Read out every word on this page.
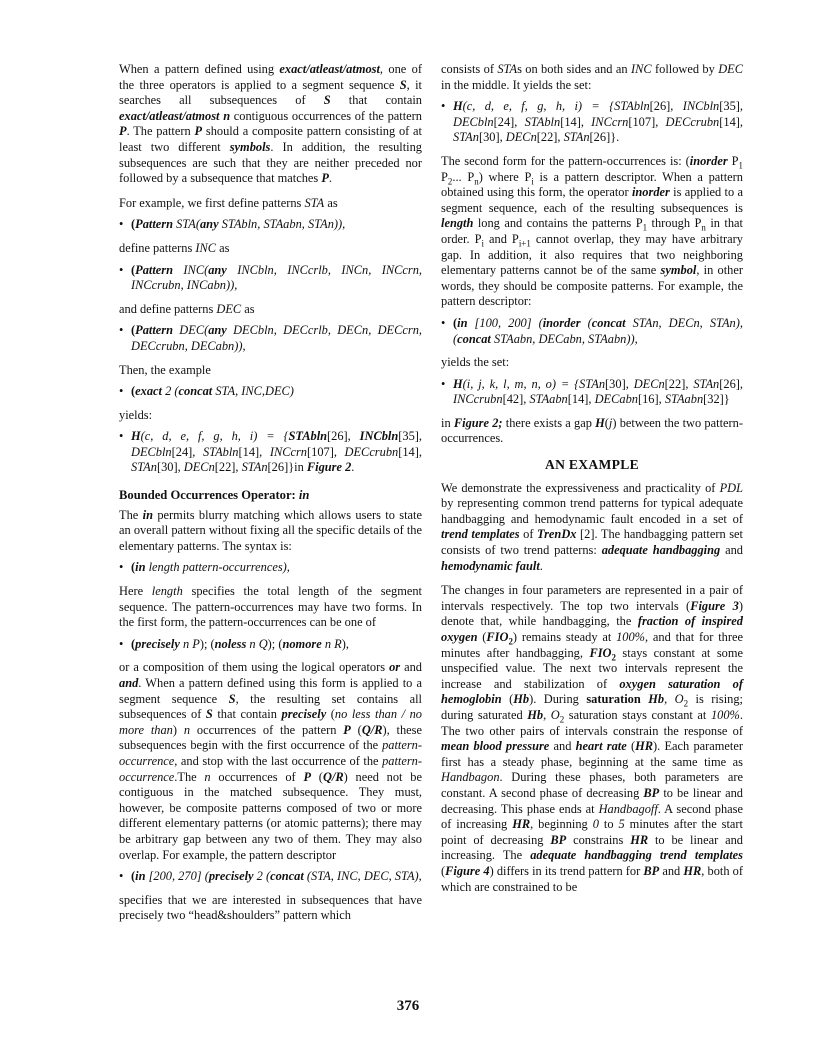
When a pattern defined using exact/atleast/atmost, one of the three operators is applied to a segment sequence S, it searches all subsequences of S that contain exact/atleast/atmost n contiguous occurrences of the pattern P. The pattern P should a composite pattern consisting of at least two different symbols. In addition, the resulting subsequences are such that they are neither preceded nor followed by a subsequence that matches P.

For example, we first define patterns STA as

• (Pattern STA(any STAbln, STAabn, STAn)),

define patterns INC as

• (Pattern INC(any INCbln, INCcrlb, INCn, INCcrn, INCcrubn, INCabn)),

and define patterns DEC as

• (Pattern DEC(any DECbln, DECcrlb, DECn, DECcrn, DECcrubn, DECabn)),

Then, the example

• (exact 2 (concat STA, INC,DEC)

yields:

• H(c, d, e, f, g, h, i) = {STAbln[26], INCbln[35], DECbln[24], STAbln[14], INCcrn[107], DECcrubn[14], STAn[30], DECn[22], STAn[26]}in Figure 2.
Bounded Occurrences Operator: in

The in permits blurry matching which allows users to state an overall pattern without fixing all the specific details of the elementary patterns. The syntax is:

• (in length pattern-occurrences),

Here length specifies the total length of the segment sequence. The pattern-occurrences may have two forms. In the first form, the pattern-occurrences can be one of

• (precisely n P); (noless n Q); (nomore n R),

or a composition of them using the logical operators or and and. When a pattern defined using this form is applied to a segment sequence S, the resulting set contains all subsequences of S that contain precisely (no less than / no more than) n occurrences of the pattern P (Q/R), these subsequences begin with the first occurrence of the pattern-occurrence, and stop with the last occurrence of the pattern-occurrence.The n occurrences of P (Q/R) need not be contiguous in the matched subsequence. They must, however, be composite patterns composed of two or more different elementary patterns (or atomic patterns); there may be arbitrary gap between any two of them. They may also overlap. For example, the pattern descriptor

• (in [200, 270] (precisely 2 (concat (STA, INC, DEC, STA),

specifies that we are interested in subsequences that have precisely two “head&shoulders” pattern which

consists of STAs on both sides and an INC followed by DEC in the middle. It yields the set:

• H(c, d, e, f, g, h, i) = {STAbln[26], INCbln[35], DECbln[24], STAbln[14], INCcrn[107], DECcrubn[14], STAn[30], DECn[22], STAn[26]}.

The second form for the pattern-occurrences is: (inorder $P_1$ $P_2$... $P_n$) where $P_i$ is a pattern descriptor. When a pattern obtained using this form, the operator inorder is applied to a segment sequence, each of the resulting subsequences is length long and contains the patterns $P_1$ through $P_n$ in that order. $P_i$ and $P_{i+1}$ cannot overlap, they may have arbitrary gap. In addition, it also requires that two neighboring elementary patterns cannot be of the same symbol, in other words, they should be composite patterns. For example, the pattern descriptor:

• (in [100, 200] (inorder (concat STAn, DECn, STAn), (concat STAabn, DECabn, STAabn)),

yields the set:

• H(i, j, k, l, m, n, o) = {STAn[30], DECn[22], STAn[26], INCcrubn[42], STAabn[14], DECabn[16], STAabn[32]}

in Figure 2; there exists a gap H(j) between the two pattern-occurrences.

AN EXAMPLE

We demonstrate the expressiveness and practicality of PDL by representing common trend patterns for typical adequate handbagging and hemodynamic fault encoded in a set of trend templates of TrenDx [2]. The handbagging pattern set consists of two trend patterns: adequate handbagging and hemodynamic fault.

The changes in four parameters are represented in a pair of intervals respectively. The top two intervals (Figure 3) denote that, while handbagging, the fraction of inspired oxygen $(FIO_2)$ remains steady at 100%, and that for three minutes after handbagging, $FIO_2$ stays constant at some unspecified value. The next two intervals represent the increase and stabilization of oxygen saturation of hemoglobin (Hb). During saturation Hb, $O_2$ is rising; during saturated Hb, $O_2$ saturation stays constant at 100%. The two other pairs of intervals constrain the response of mean blood pressure and heart rate (HR). Each parameter first has a steady phase, beginning at the same time as Handbagon. During these phases, both parameters are constant. A second phase of decreasing BP to be linear and decreasing. This phase ends at Handbagoff. A second phase of increasing HR, beginning 0 to 5 minutes after the start point of decreasing BP constrains HR to be linear and increasing. The adequate handbagging trend templates (Figure 4) differs in its trend pattern for BP and HR, both of which are constrained to be

376
